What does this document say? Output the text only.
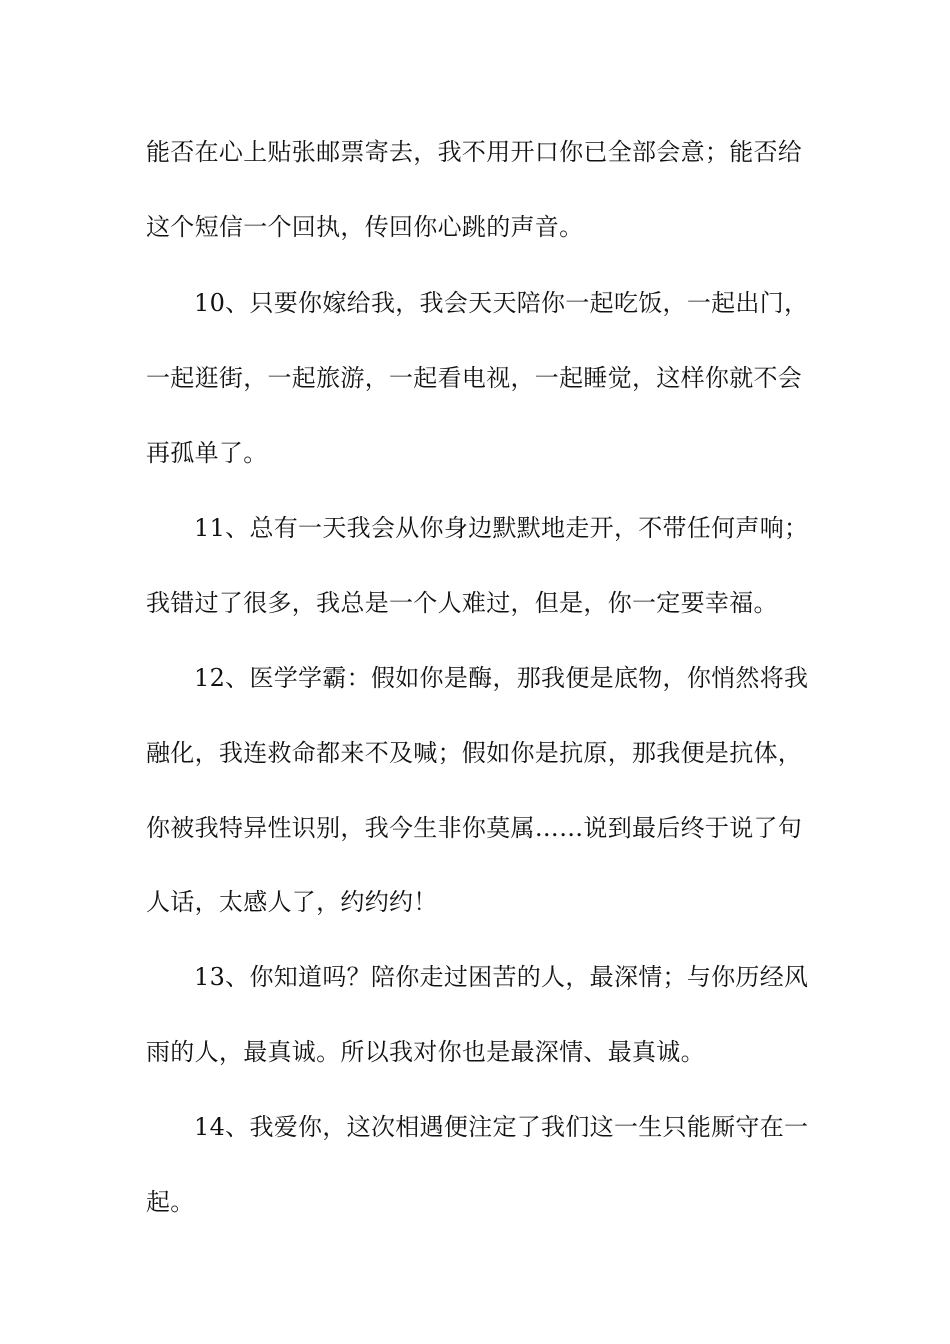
能否在心上贴张邮票寄去，我不用开口你已全部会意；能否给
这个短信一个回执，传回你心跳的声音。
10、只要你嫁给我，我会天天陪你一起吃饭，一起出门，
一起逛街，一起旅游，一起看电视，一起睡觉，这样你就不会
再孤单了。
11、总有一天我会从你身边默默地走开，不带任何声响；
我错过了很多，我总是一个人难过，但是，你一定要幸福。
12、医学学霸：假如你是酶，那我便是底物，你悄然将我
融化，我连救命都来不及喊；假如你是抗原，那我便是抗体，
你被我特异性识别，我今生非你莫属……说到最后终于说了句
人话，太感人了，约约约！
13、你知道吗？陪你走过困苦的人，最深情；与你历经风
雨的人，最真诚。所以我对你也是最深情、最真诚。
14、我爱你，这次相遇便注定了我们这一生只能厮守在一
起。
